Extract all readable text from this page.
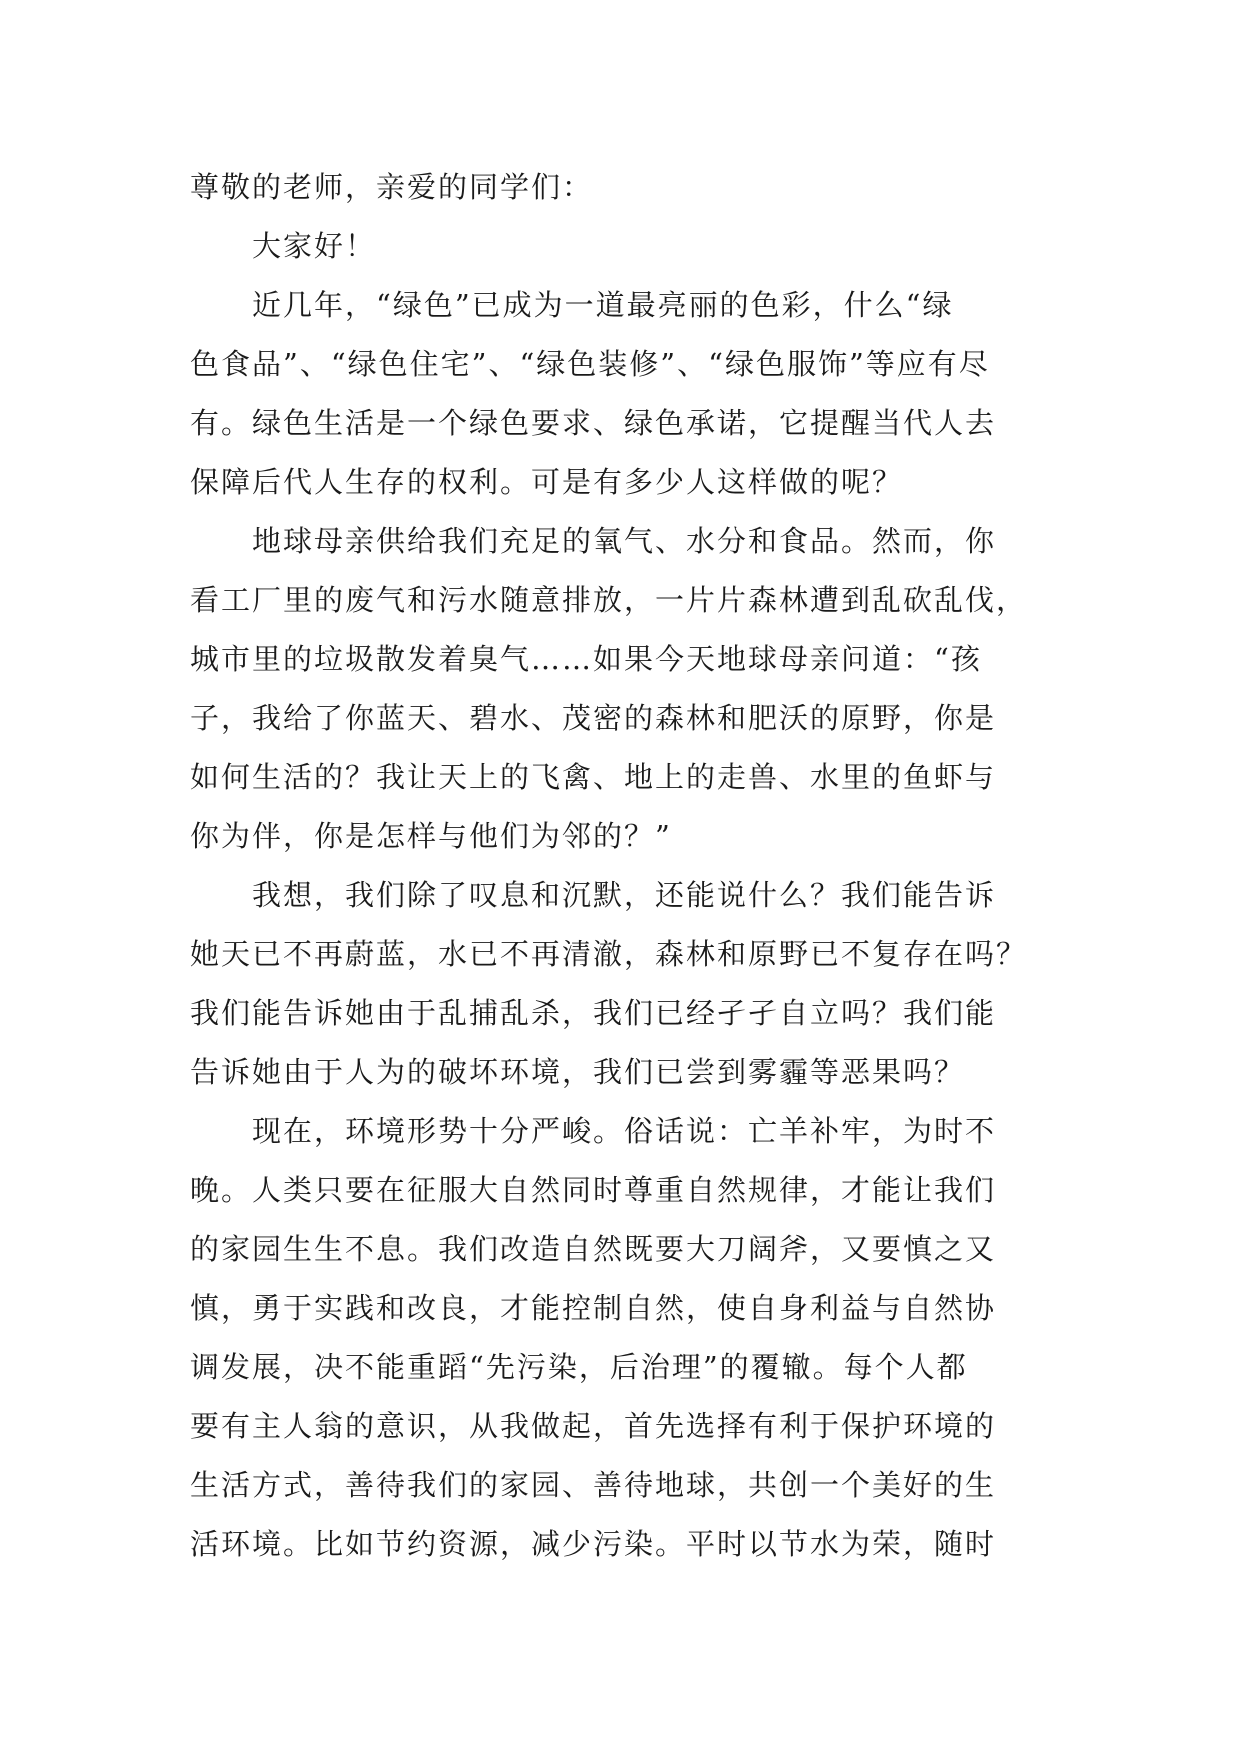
尊敬的老师，亲爱的同学们：
大家好！
近几年，“绿色”已成为一道最亮丽的色彩，什么“绿
色食品”、“绿色住宅”、“绿色装修”、“绿色服饰”等应有尽
有。绿色生活是一个绿色要求、绿色承诺，它提醒当代人去
保障后代人生存的权利。可是有多少人这样做的呢？
地球母亲供给我们充足的氧气、水分和食品。然而，你
看工厂里的废气和污水随意排放，一片片森林遭到乱砍乱伐，
城市里的垃圾散发着臭气……如果今天地球母亲问道：“孩
子，我给了你蓝天、碧水、茂密的森林和肥沃的原野，你是
如何生活的？我让天上的飞禽、地上的走兽、水里的鱼虾与
你为伴，你是怎样与他们为邻的？”
我想，我们除了叹息和沉默，还能说什么？我们能告诉
她天已不再蔚蓝，水已不再清澈，森林和原野已不复存在吗？
我们能告诉她由于乱捕乱杀，我们已经孑孑自立吗？我们能
告诉她由于人为的破坏环境，我们已尝到雾霾等恶果吗？
现在，环境形势十分严峻。俗话说：亡羊补牢，为时不
晚。人类只要在征服大自然同时尊重自然规律，才能让我们
的家园生生不息。我们改造自然既要大刀阔斧，又要慎之又
慎，勇于实践和改良，才能控制自然，使自身利益与自然协
调发展，决不能重蹈“先污染，后治理”的覆辙。每个人都
要有主人翁的意识，从我做起，首先选择有利于保护环境的
生活方式，善待我们的家园、善待地球，共创一个美好的生
活环境。比如节约资源，减少污染。平时以节水为荣，随时
